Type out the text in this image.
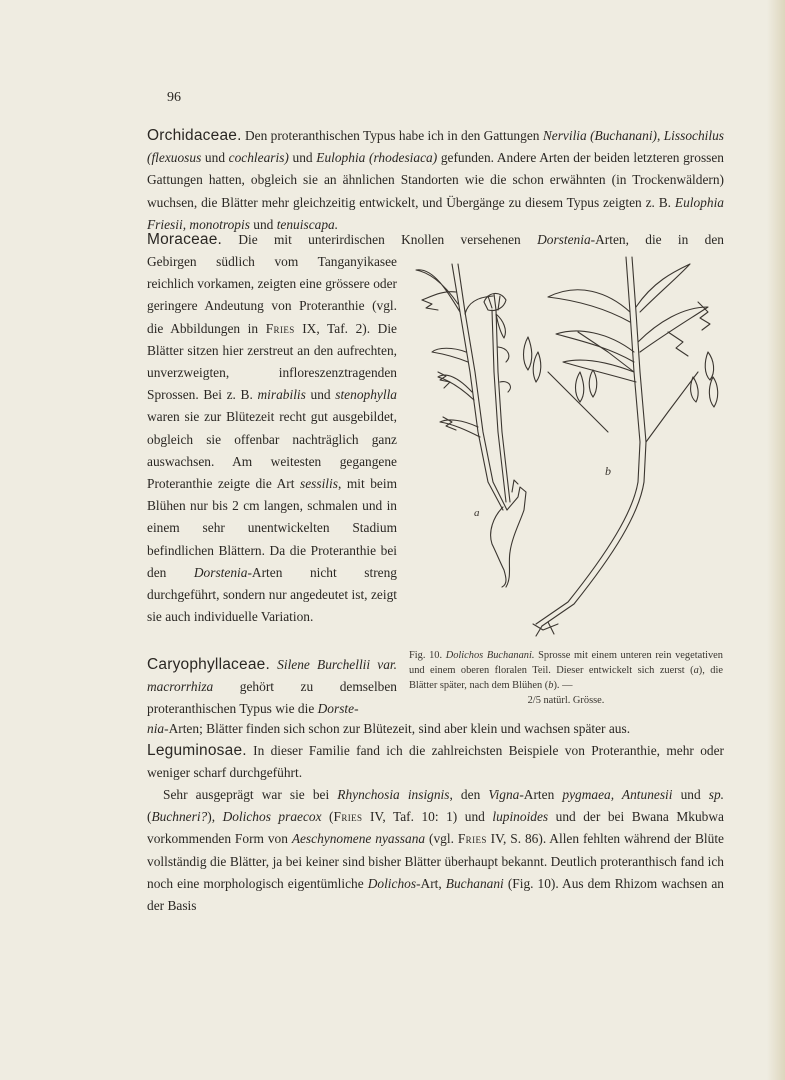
96

Orchidaceae. Den proteranthischen Typus habe ich in den Gattungen Nervilia (Buchanani), Lissochilus (flexuosus und cochlearis) und Eulophia (rhodesiaca) gefunden. Andere Arten der beiden letzteren grossen Gattungen hatten, obgleich sie an ähnlichen Standorten wie die schon erwähnten (in Trockenwäldern) wuchsen, die Blätter mehr gleichzeitig entwickelt, und Übergänge zu diesem Typus zeigten z. B. Eulophia Friesii, monotropis und tenuiscapa.

Moraceae. Die mit unterirdischen Knollen versehenen Dorstenia-Arten, die in den

Gebirgen südlich vom Tanganyikasee reichlich vorkamen, zeigten eine grössere oder geringere Andeutung von Proteranthie (vgl. die Abbildungen in Fries IX, Taf. 2). Die Blätter sitzen hier zerstreut an den aufrechten, unverzweigten, infloreszenztragenden Sprossen. Bei z. B. mirabilis und stenophylla waren sie zur Blütezeit recht gut ausgebildet, obgleich sie offenbar nachträglich ganz auswachsen. Am weitesten gegangene Proteranthie zeigte die Art sessilis, mit beim Blühen nur bis 2 cm langen, schmalen und in einem sehr unentwickelten Stadium befindlichen Blättern. Da die Proteranthie bei den Dorstenia-Arten nicht streng durchgeführt, sondern nur angedeutet ist, zeigt sie auch individuelle Variation.

a
b
Fig. 10. Dolichos Buchanani. Sprosse mit einem unteren rein vegetativen und einem oberen floralen Teil. Dieser entwickelt sich zuerst (a), die Blätter später, nach dem Blühen (b). —

2/5 natürl. Grösse.

Caryophyllaceae. Silene Burchellii var. macrorrhiza gehört zu demselben proteranthischen Typus wie die Dorste-

nia-Arten; Blätter finden sich schon zur Blütezeit, sind aber klein und wachsen später aus.

Leguminosae. In dieser Familie fand ich die zahlreichsten Beispiele von Proteranthie, mehr oder weniger scharf durchgeführt.

Sehr ausgeprägt war sie bei Rhynchosia insignis, den Vigna-Arten pygmaea, Antunesii und sp. (Buchneri?), Dolichos praecox (Fries IV, Taf. 10: 1) und lupinoides und der bei Bwana Mkubwa vorkommenden Form von Aeschynomene nyassana (vgl. Fries IV, S. 86). Allen fehlten während der Blüte vollständig die Blätter, ja bei keiner sind bisher Blätter überhaupt bekannt. Deutlich proteranthisch fand ich noch eine morphologisch eigentümliche Dolichos-Art, Buchanani (Fig. 10). Aus dem Rhizom wachsen an der Basis
